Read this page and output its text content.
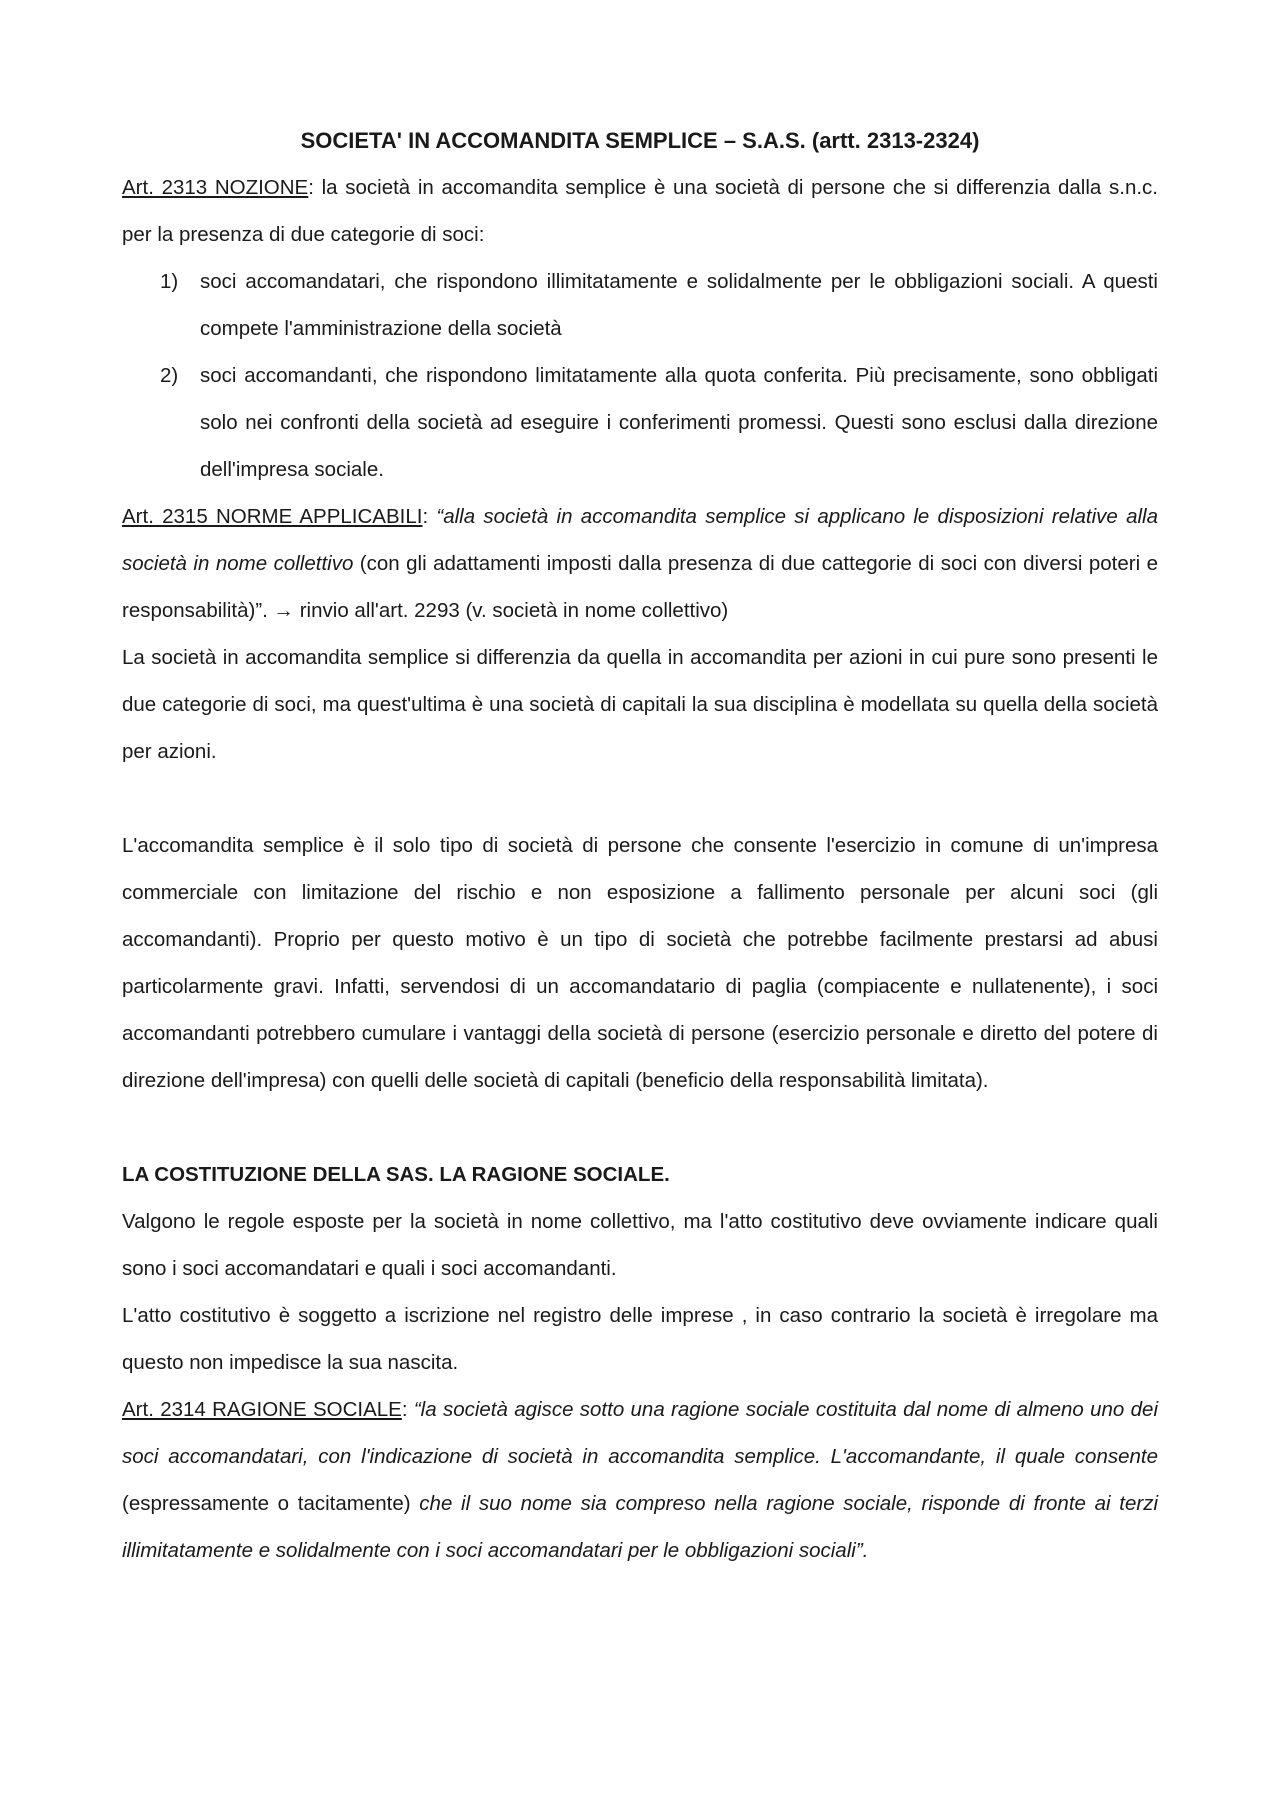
SOCIETA' IN ACCOMANDITA SEMPLICE – S.A.S. (artt. 2313-2324)

Art. 2313 NOZIONE: la società in accomandita semplice è una società di persone che si differenzia dalla s.n.c. per la presenza di due categorie di soci:

1) soci accomandatari, che rispondono illimitatamente e solidalmente per le obbligazioni sociali. A questi compete l'amministrazione della società
2) soci accomandanti, che rispondono limitatamente alla quota conferita. Più precisamente, sono obbligati solo nei confronti della società ad eseguire i conferimenti promessi. Questi sono esclusi dalla direzione dell'impresa sociale.

Art. 2315 NORME APPLICABILI: “alla società in accomandita semplice si applicano le disposizioni relative alla società in nome collettivo (con gli adattamenti imposti dalla presenza di due cattegorie di soci con diversi poteri e responsabilità)”. → rinvio all'art. 2293 (v. società in nome collettivo)

La società in accomandita semplice si differenzia da quella in accomandita per azioni in cui pure sono presenti le due categorie di soci, ma quest'ultima è una società di capitali la sua disciplina è modellata su quella della società per azioni.

L'accomandita semplice è il solo tipo di società di persone che consente l'esercizio in comune di un'impresa commerciale con limitazione del rischio e non esposizione a fallimento personale per alcuni soci (gli accomandanti). Proprio per questo motivo è un tipo di società che potrebbe facilmente prestarsi ad abusi particolarmente gravi. Infatti, servendosi di un accomandatario di paglia (compiacente e nullatenente), i soci accomandanti potrebbero cumulare i vantaggi della società di persone (esercizio personale e diretto del potere di direzione dell'impresa) con quelli delle società di capitali (beneficio della responsabilità limitata).

LA COSTITUZIONE DELLA SAS. LA RAGIONE SOCIALE.

Valgono le regole esposte per la società in nome collettivo, ma l'atto costitutivo deve ovviamente indicare quali sono i soci accomandatari e quali i soci accomandanti.

L'atto costitutivo è soggetto a iscrizione nel registro delle imprese , in caso contrario la società è irregolare ma questo non impedisce la sua nascita.

Art. 2314 RAGIONE SOCIALE: “la società agisce sotto una ragione sociale costituita dal nome di almeno uno dei soci accomandatari, con l'indicazione di società in accomandita semplice. L'accomandante, il quale consente (espressamente o tacitamente) che il suo nome sia compreso nella ragione sociale, risponde di fronte ai terzi illimitatamente e solidalmente con i soci accomandatari per le obbligazioni sociali”.
